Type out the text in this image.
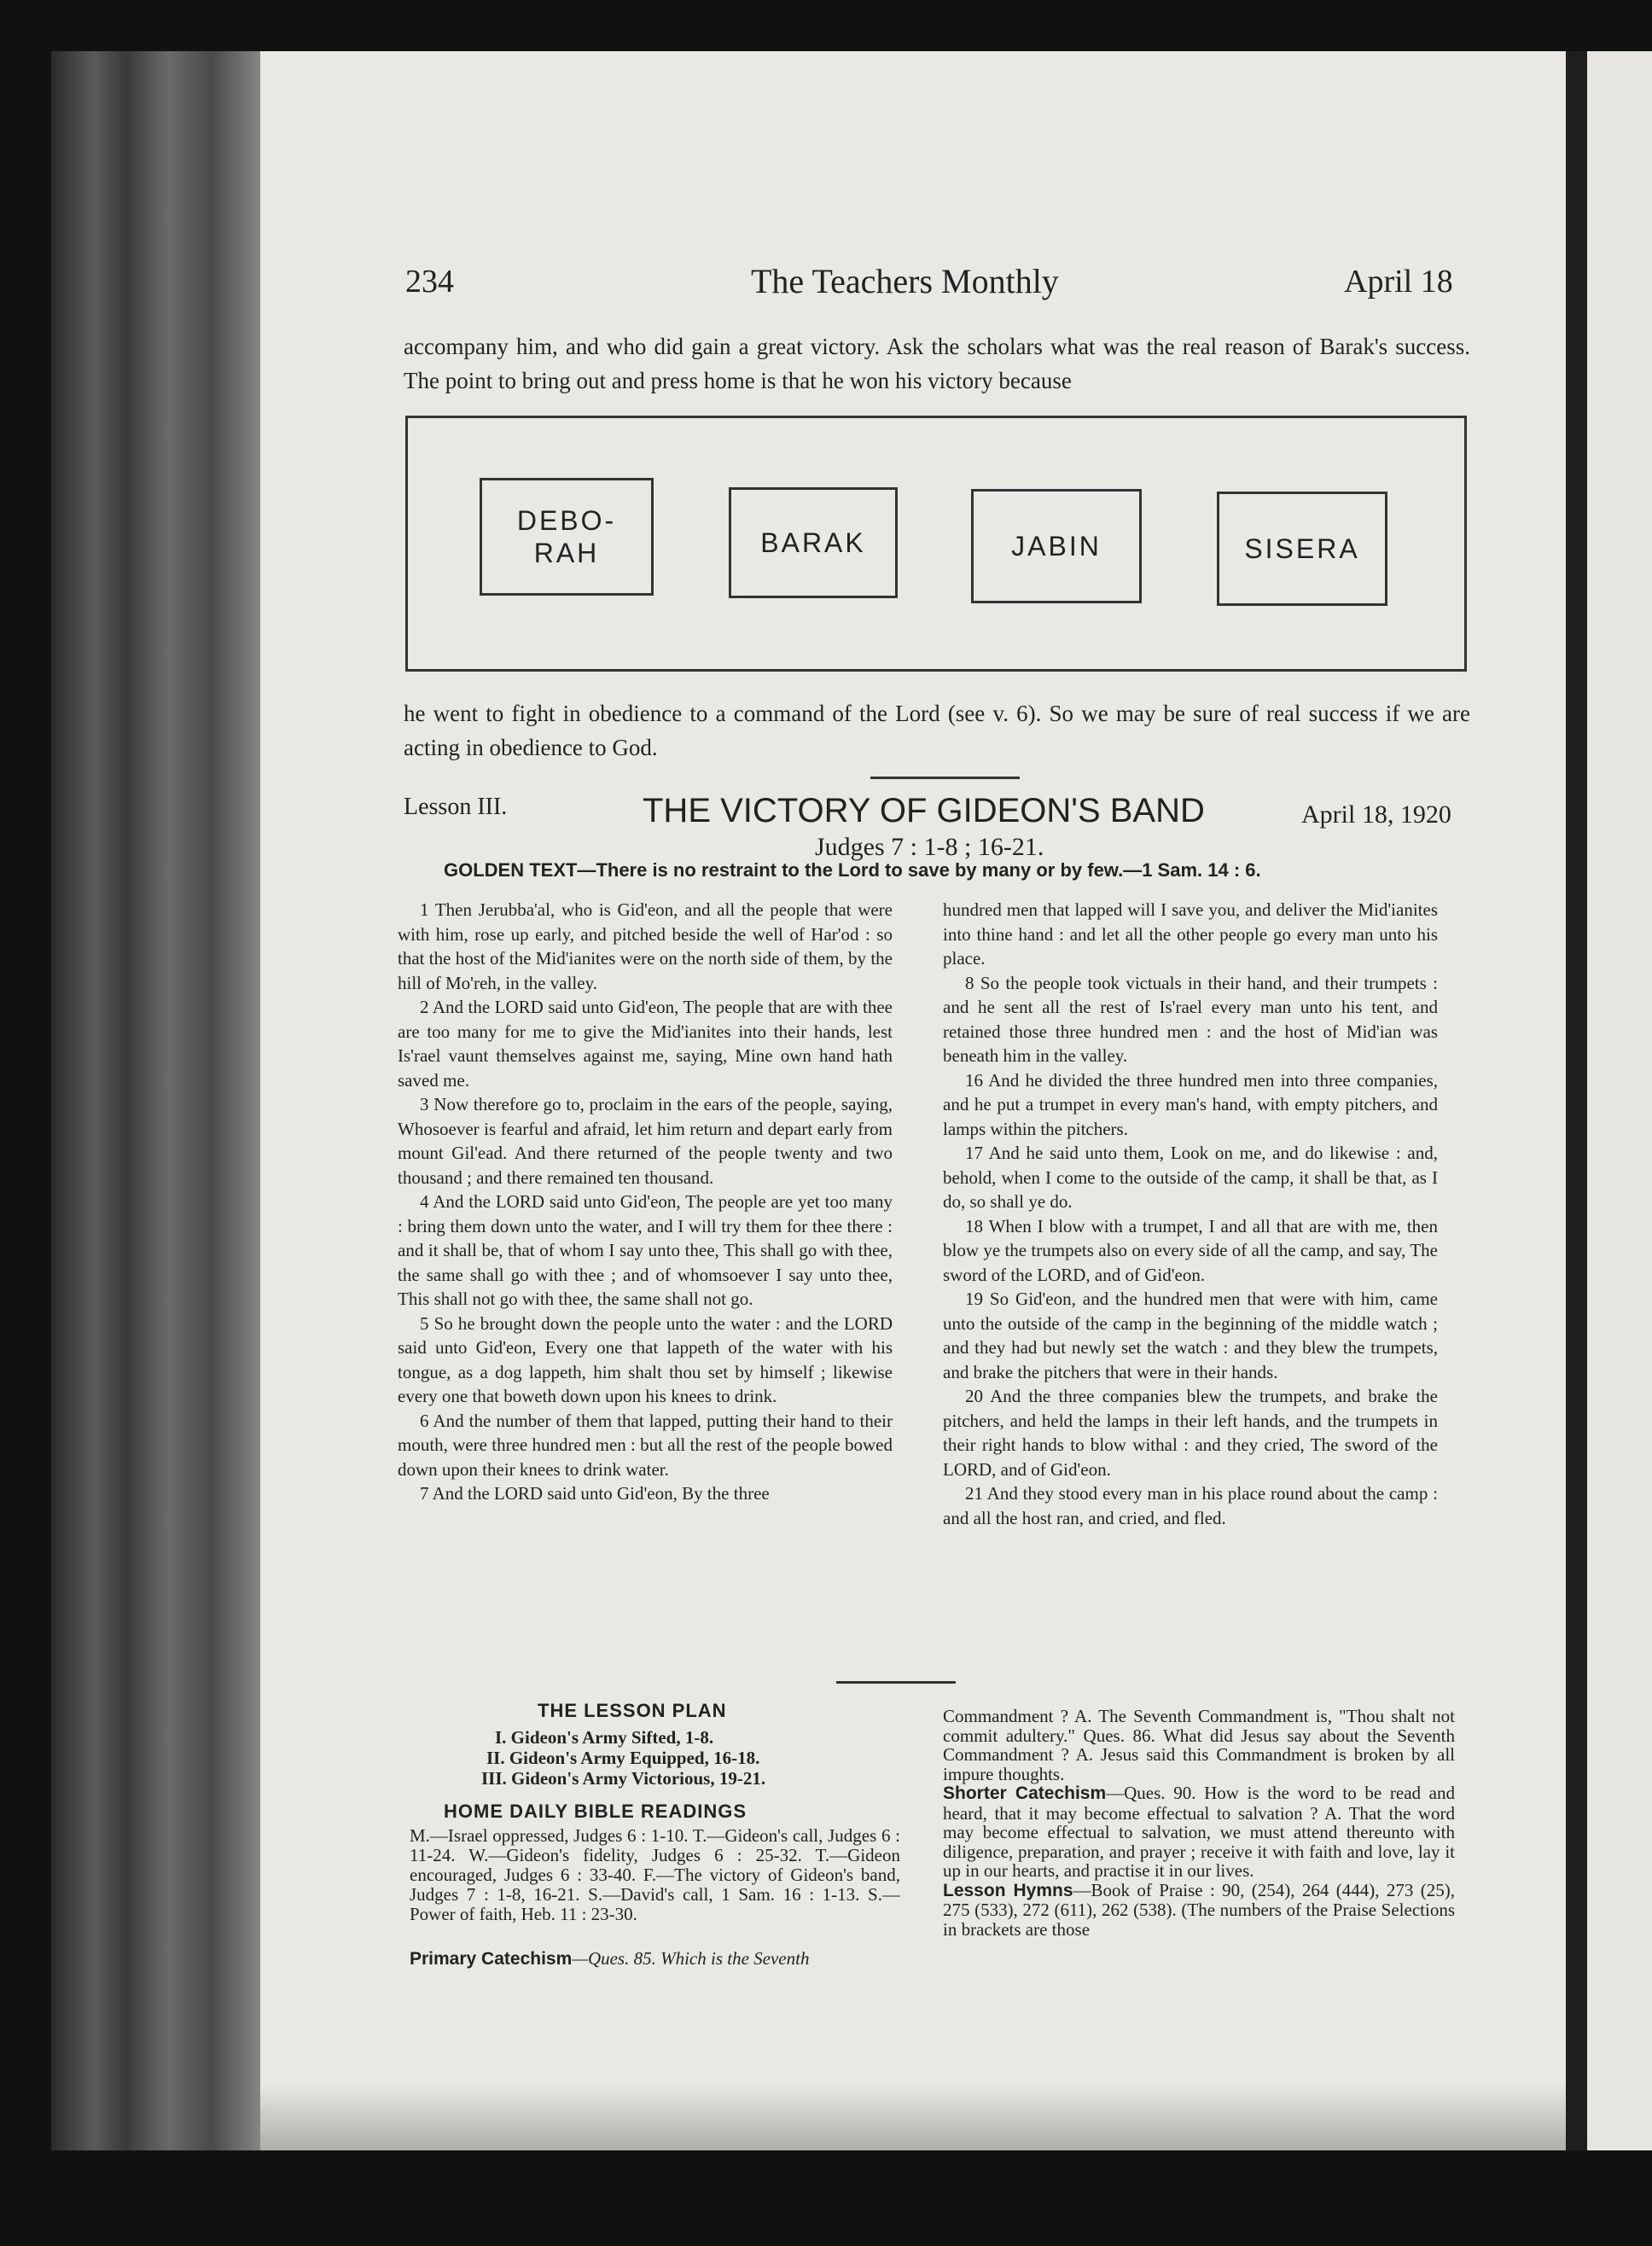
234	The Teachers Monthly	April 18
accompany him, and who did gain a great victory. Ask the scholars what was the real reason of Barak's success. The point to bring out and press home is that he won his victory because
DEBO-
RAH	BARAK	JABIN	SISERA
he went to fight in obedience to a command of the Lord (see v. 6). So we may be sure of real success if we are acting in obedience to God.
Lesson III.	THE VICTORY OF GIDEON'S BAND	April 18, 1920
Judges 7 : 1-8 ; 16-21.
GOLDEN TEXT—There is no restraint to the Lord to save by many or by few.—1 Sam. 14 : 6.

1 Then Jerubba'al, who is Gid'eon, and all the people that were with him, rose up early, and pitched beside the well of Har'od : so that the host of the Mid'ianites were on the north side of them, by the hill of Mo'reh, in the valley.

2 And the LORD said unto Gid'eon, The people that are with thee are too many for me to give the Mid'ianites into their hands, lest Is'rael vaunt themselves against me, saying, Mine own hand hath saved me.

3 Now therefore go to, proclaim in the ears of the people, saying, Whosoever is fearful and afraid, let him return and depart early from mount Gil'ead. And there returned of the people twenty and two thousand ; and there remained ten thousand.

4 And the LORD said unto Gid'eon, The people are yet too many : bring them down unto the water, and I will try them for thee there : and it shall be, that of whom I say unto thee, This shall go with thee, the same shall go with thee ; and of whomsoever I say unto thee, This shall not go with thee, the same shall not go.

5 So he brought down the people unto the water : and the LORD said unto Gid'eon, Every one that lappeth of the water with his tongue, as a dog lappeth, him shalt thou set by himself ; likewise every one that boweth down upon his knees to drink.

6 And the number of them that lapped, putting their hand to their mouth, were three hundred men : but all the rest of the people bowed down upon their knees to drink water.

7 And the LORD said unto Gid'eon, By the three

hundred men that lapped will I save you, and deliver the Mid'ianites into thine hand : and let all the other people go every man unto his place.

8 So the people took victuals in their hand, and their trumpets : and he sent all the rest of Is'rael every man unto his tent, and retained those three hundred men : and the host of Mid'ian was beneath him in the valley.

16 And he divided the three hundred men into three companies, and he put a trumpet in every man's hand, with empty pitchers, and lamps within the pitchers.

17 And he said unto them, Look on me, and do likewise : and, behold, when I come to the outside of the camp, it shall be that, as I do, so shall ye do.

18 When I blow with a trumpet, I and all that are with me, then blow ye the trumpets also on every side of all the camp, and say, The sword of the LORD, and of Gid'eon.

19 So Gid'eon, and the hundred men that were with him, came unto the outside of the camp in the beginning of the middle watch ; and they had but newly set the watch : and they blew the trumpets, and brake the pitchers that were in their hands.

20 And the three companies blew the trumpets, and brake the pitchers, and held the lamps in their left hands, and the trumpets in their right hands to blow withal : and they cried, The sword of the LORD, and of Gid'eon.

21 And they stood every man in his place round about the camp : and all the host ran, and cried, and fled.

THE LESSON PLAN
I. Gideon's Army Sifted, 1-8.
II. Gideon's Army Equipped, 16-18.
III. Gideon's Army Victorious, 19-21.
HOME DAILY BIBLE READINGS
M.—Israel oppressed, Judges 6 : 1-10. T.—Gideon's call, Judges 6 : 11-24. W.—Gideon's fidelity, Judges 6 : 25-32. T.—Gideon encouraged, Judges 6 : 33-40. F.—The victory of Gideon's band, Judges 7 : 1-8, 16-21. S.—David's call, 1 Sam. 16 : 1-13. S.—Power of faith, Heb. 11 : 23-30.
Primary Catechism—Ques. 85. Which is the Seventh

Commandment ? A. The Seventh Commandment is, "Thou shalt not commit adultery." Ques. 86. What did Jesus say about the Seventh Commandment ? A. Jesus said this Commandment is broken by all impure thoughts.

Shorter Catechism—Ques. 90. How is the word to be read and heard, that it may become effectual to salvation ? A. That the word may become effectual to salvation, we must attend thereunto with diligence, preparation, and prayer ; receive it with faith and love, lay it up in our hearts, and practise it in our lives.

Lesson Hymns—Book of Praise : 90, (254), 264 (444), 273 (25), 275 (533), 272 (611), 262 (538). (The numbers of the Praise Selections in brackets are those
